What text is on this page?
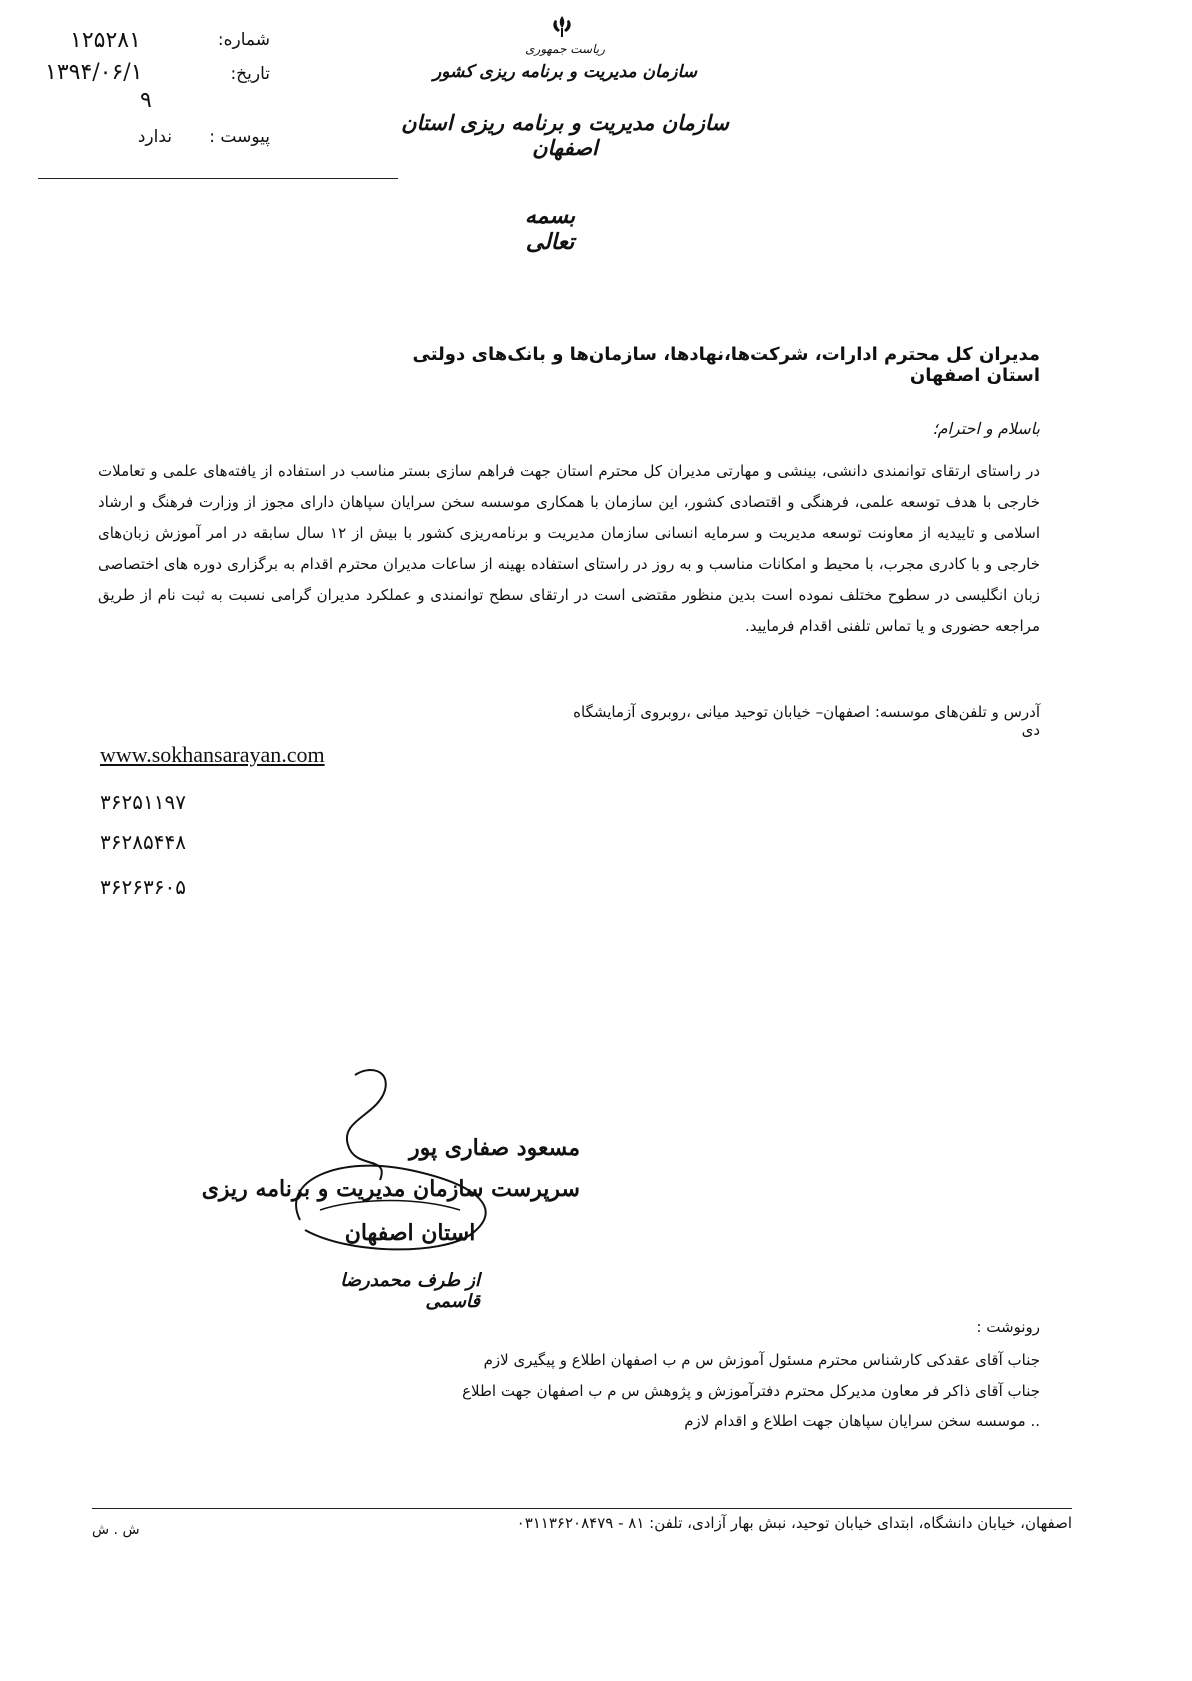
شماره:
۱۲۵۲۸۱
تاریخ:
۱۳۹۴/۰۶/۱
۹
پیوست :
ندارد
ریاست جمهوری
سازمان مدیریت و برنامه ریزی کشور
سازمان مدیریت و برنامه ریزی استان اصفهان
بسمه تعالی
مدیران کل محترم ادارات، شرکت‌ها،نهادها، سازمان‌ها و بانک‌های دولتی استان اصفهان
باسلام و احترام؛
در راستای ارتقای توانمندی دانشی، بینشی و مهارتی مدیران کل محترم استان جهت فراهم سازی بستر مناسب در استفاده از یافته‌های علمی و تعاملات خارجی با هدف توسعه علمی، فرهنگی و اقتصادی کشور، این سازمان با همکاری موسسه سخن سرایان سپاهان دارای مجوز از وزارت فرهنگ و ارشاد اسلامی و تاییدیه از معاونت توسعه مدیریت و سرمایه انسانی سازمان مدیریت و برنامه‌ریزی کشور با بیش از ۱۲ سال سابقه در امر آموزش زبان‌های خارجی و با کادری مجرب، با محیط و امکانات مناسب و به روز در راستای استفاده بهینه از ساعات مدیران محترم اقدام به برگزاری دوره های اختصاصی زبان انگلیسی در سطوح مختلف نموده است بدین منظور مقتضی است در ارتقای سطح توانمندی و عملکرد مدیران گرامی نسبت به ثبت نام از طریق مراجعه حضوری و یا تماس تلفنی اقدام فرمایید.
آدرس و تلفن‌های موسسه: اصفهان– خیابان توحید میانی ،روبروی آزمایشگاه دی
www.sokhansarayan.com
۳۶۲۵۱۱۹۷
۳۶۲۸۵۴۴۸
۳۶۲۶۳۶۰۵
مسعود صفاری پور
سرپرست سازمان مدیریت و برنامه ریزی
استان اصفهان
از طرف محمدرضا قاسمی
رونوشت :
جناب آقای عقدکی کارشناس محترم مسئول آموزش س م ب اصفهان اطلاع و پیگیری لازم
جناب آقای ذاکر فر معاون مدیرکل محترم دفترآموزش و پژوهش س م ب اصفهان جهت اطلاع
.. موسسه سخن سرایان سپاهان جهت اطلاع و اقدام لازم
اصفهان، خیابان دانشگاه، ابتدای خیابان توحید، نبش بهار آزادی، تلفن: ۸۱ - ۰۳۱۱۳۶۲۰۸۴۷۹
ش . ش
